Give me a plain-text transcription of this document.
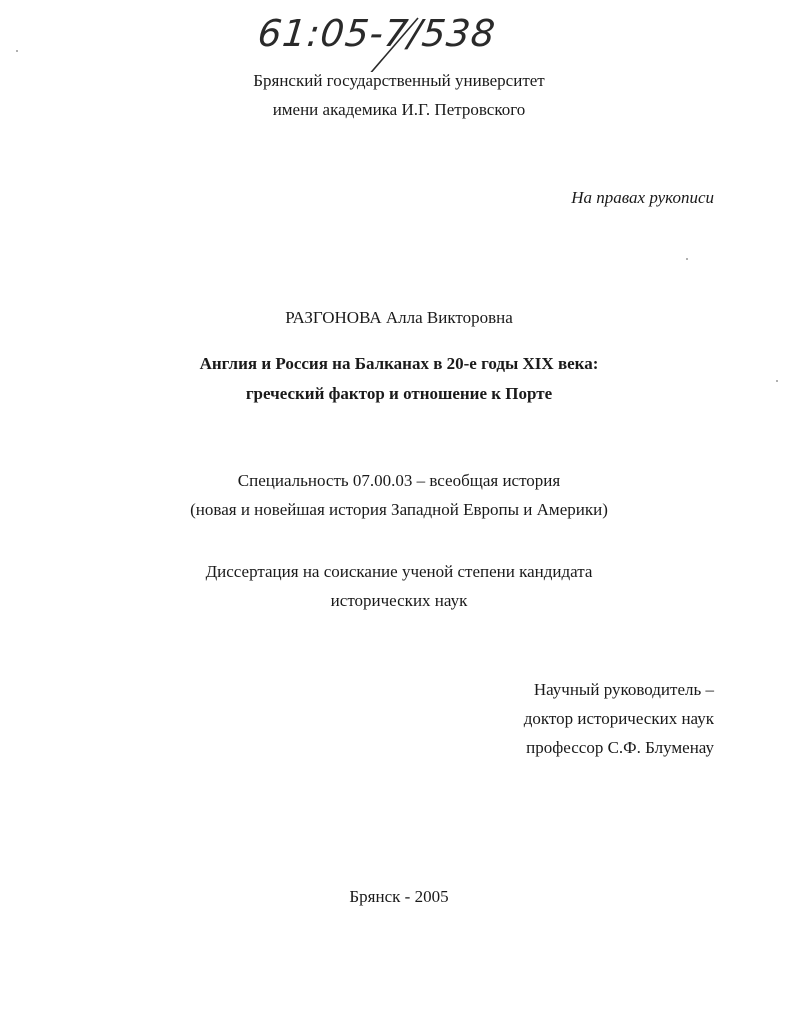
61:05-7/538
Брянский государственный университет
имени академика И.Г. Петровского
На правах рукописи
РАЗГОНОВА Алла Викторовна
Англия и Россия на Балканах в 20-е годы XIX века:
греческий фактор и отношение к Порте
Специальность 07.00.03 – всеобщая история
(новая и новейшая история Западной Европы и Америки)
Диссертация на соискание ученой степени кандидата
исторических наук
Научный руководитель –
доктор исторических наук
профессор С.Ф. Блуменау
Брянск - 2005
